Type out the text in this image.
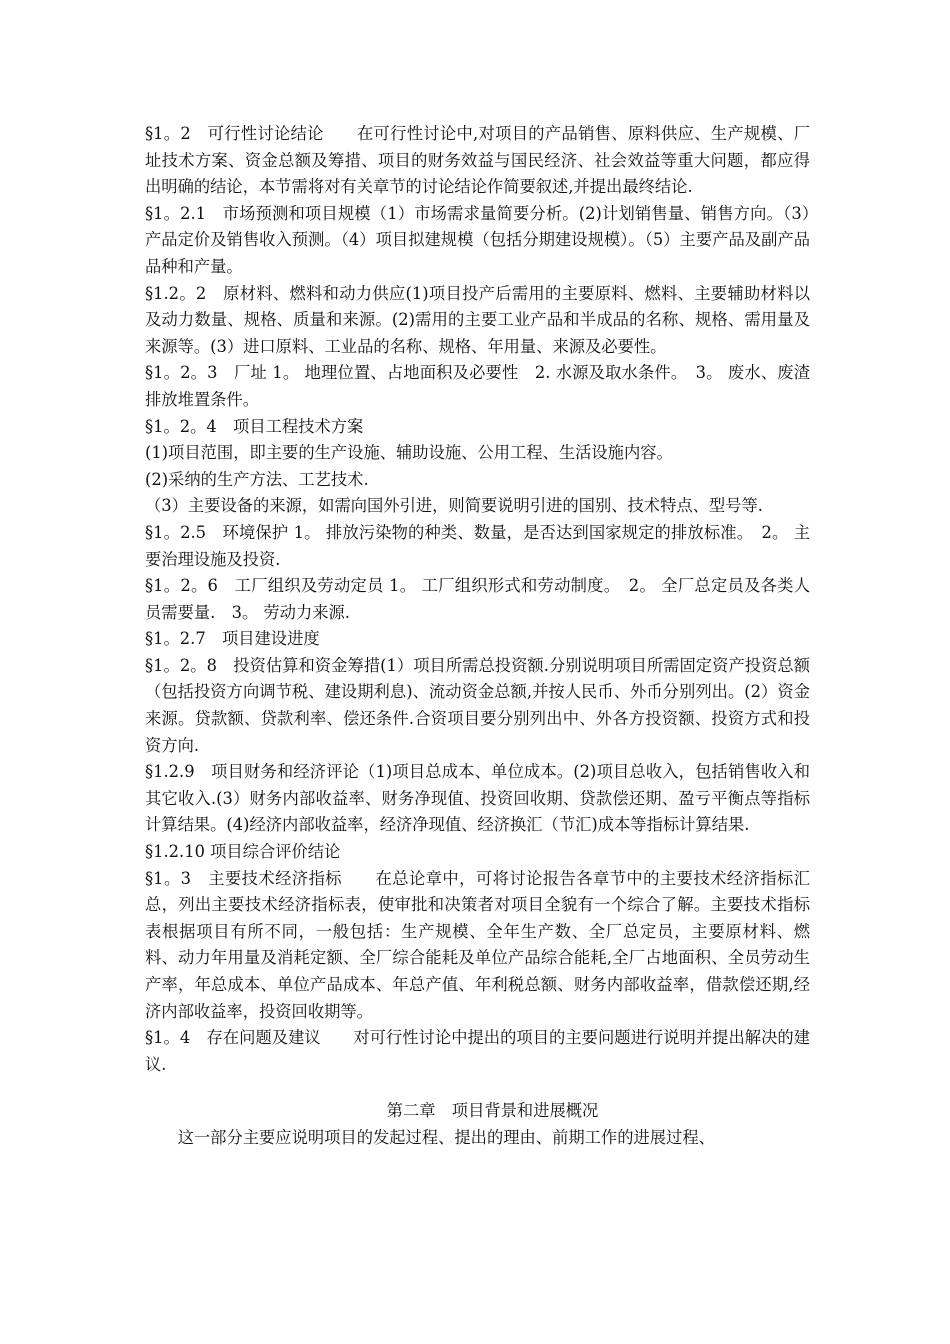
§1。2　可行性讨论结论　　在可行性讨论中,对项目的产品销售、原料供应、生产规模、厂址技术方案、资金总额及筹措、项目的财务效益与国民经济、社会效益等重大问题，都应得出明确的结论，本节需将对有关章节的讨论结论作简要叙述,并提出最终结论.

§1。2.1　市场预测和项目规模（1）市场需求量简要分析。(2)计划销售量、销售方向。（3）产品定价及销售收入预测。（4）项目拟建规模（包括分期建设规模）。（5）主要产品及副产品品种和产量。

§1.2。2　原材料、燃料和动力供应(1)项目投产后需用的主要原料、燃料、主要辅助材料以及动力数量、规格、质量和来源。(2)需用的主要工业产品和半成品的名称、规格、需用量及来源等。(3）进口原料、工业品的名称、规格、年用量、来源及必要性。

§1。2。3　厂址 1。 地理位置、占地面积及必要性　2. 水源及取水条件。　3。 废水、废渣排放堆置条件。

§1。2。4　项目工程技术方案

(1)项目范围，即主要的生产设施、辅助设施、公用工程、生活设施内容。

(2)采纳的生产方法、工艺技术.

（3）主要设备的来源，如需向国外引进，则简要说明引进的国别、技术特点、型号等.

§1。2.5　环境保护 1。 排放污染物的种类、数量，是否达到国家规定的排放标准。　2。 主要治理设施及投资.

§1。2。6　工厂组织及劳动定员 1。 工厂组织形式和劳动制度。　2。 全厂总定员及各类人员需要量.　3。 劳动力来源.

§1。2.7　项目建设进度

§1。2。8　投资估算和资金筹措(1）项目所需总投资额.分别说明项目所需固定资产投资总额（包括投资方向调节税、建设期利息)、流动资金总额,并按人民币、外币分别列出。(2）资金来源。贷款额、贷款利率、偿还条件.合资项目要分别列出中、外各方投资额、投资方式和投资方向.

§1.2.9　项目财务和经济评论（1)项目总成本、单位成本。(2)项目总收入，包括销售收入和其它收入.(3）财务内部收益率、财务净现值、投资回收期、贷款偿还期、盈亏平衡点等指标计算结果。(4)经济内部收益率，经济净现值、经济换汇（节汇)成本等指标计算结果.

§1.2.10 项目综合评价结论

§1。3　主要技术经济指标　　在总论章中，可将讨论报告各章节中的主要技术经济指标汇总，列出主要技术经济指标表，使审批和决策者对项目全貌有一个综合了解。主要技术指标表根据项目有所不同，一般包括：生产规模、全年生产数、全厂总定员，主要原材料、燃料、动力年用量及消耗定额、全厂综合能耗及单位产品综合能耗,全厂占地面积、全员劳动生产率，年总成本、单位产品成本、年总产值、年利税总额、财务内部收益率，借款偿还期,经济内部收益率，投资回收期等。

§1。4　存在问题及建议　　对可行性讨论中提出的项目的主要问题进行说明并提出解决的建议.

第二章　项目背景和进展概况

这一部分主要应说明项目的发起过程、提出的理由、前期工作的进展过程、
